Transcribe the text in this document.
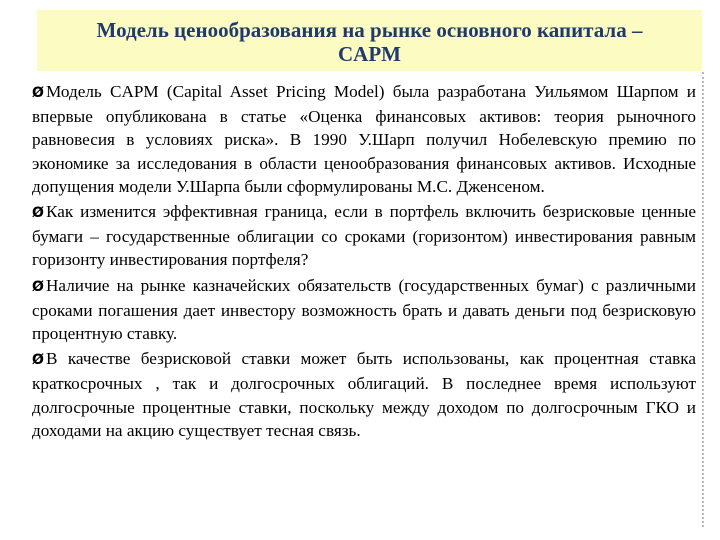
Модель ценообразования на рынке основного капитала –
CAPM

Ø Модель CAPM (Capital Asset Pricing Model) была разработана Уильямом Шарпом и впервые опубликована в статье «Оценка финансовых активов: теория рыночного равновесия в условиях риска». В 1990 У.Шарп получил Нобелевскую премию по экономике за исследования в области ценообразования финансовых активов. Исходные допущения модели У.Шарпа были сформулированы М.С. Дженсеном.

Ø Как изменится эффективная граница, если в портфель включить безрисковые ценные бумаги – государственные облигации со сроками (горизонтом) инвестирования равным горизонту инвестирования портфеля?

Ø Наличие на рынке казначейских обязательств (государственных бумаг) с различными сроками погашения дает инвестору возможность брать и давать деньги под безрисковую процентную ставку.

Ø В качестве безрисковой ставки может быть использованы, как процентная ставка краткосрочных , так и долгосрочных облигаций. В последнее время используют долгосрочные процентные ставки, поскольку между доходом по долгосрочным ГКО и доходами на акцию существует тесная связь.
